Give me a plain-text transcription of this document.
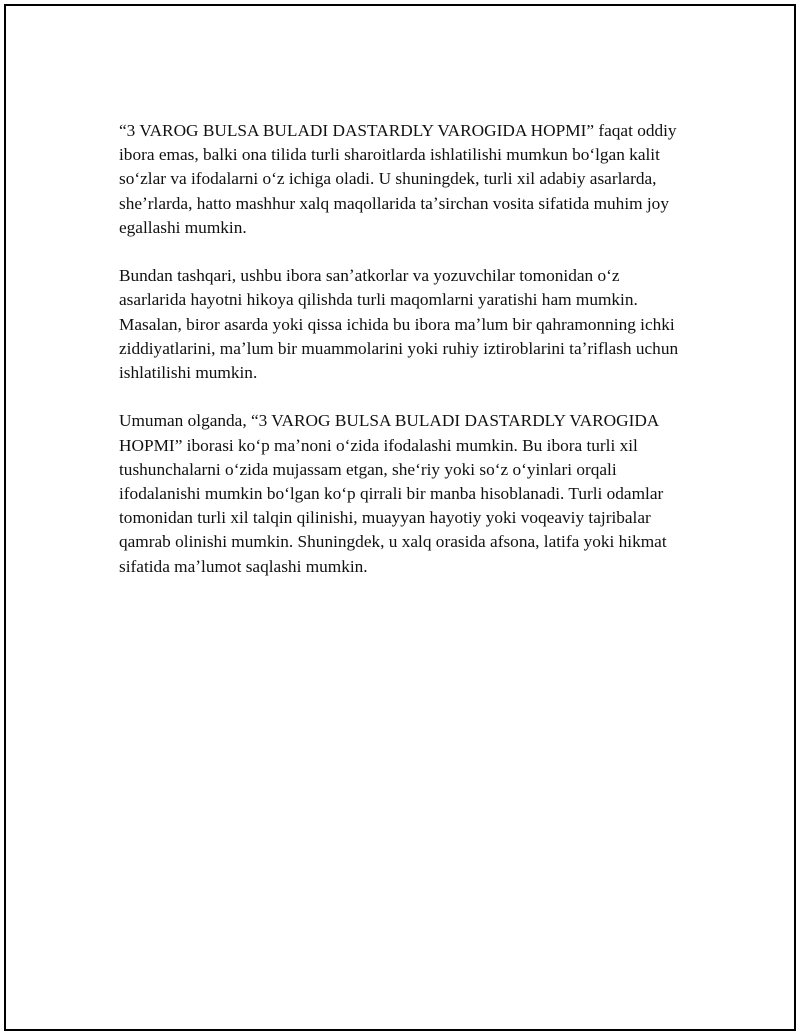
“3 VAROG BULSA BULADI DASTARDLY VAROGIDA HOPMI” faqat oddiy ibora emas, balki ona tilida turli sharoitlarda ishlatilishi mumkun boʻlgan kalit soʻzlar va ifodalarni oʻz ichiga oladi. U shuningdek, turli xil adabiy asarlarda, sheʼrlarda, hatto mashhur xalq maqollarida taʼsirchan vosita sifatida muhim joy egallashi mumkin.

Bundan tashqari, ushbu ibora sanʼatkorlar va yozuvchilar tomonidan oʻz asarlarida hayotni hikoya qilishda turli maqomlarni yaratishi ham mumkin. Masalan, biror asarda yoki qissa ichida bu ibora maʼlum bir qahramonning ichki ziddiyatlarini, maʼlum bir muammolarini yoki ruhiy iztiroblarini taʼriflash uchun ishlatilishi mumkin.

Umuman olganda, “3 VAROG BULSA BULADI DASTARDLY VAROGIDA HOPMI” iborasi koʻp maʼnoni oʻzida ifodalashi mumkin. Bu ibora turli xil tushunchalarni oʻzida mujassam etgan, sheʻriy yoki soʻz oʻyinlari orqali ifodalanishi mumkin boʻlgan koʻp qirrali bir manba hisoblanadi. Turli odamlar tomonidan turli xil talqin qilinishi, muayyan hayotiy yoki voqeaviy tajribalar qamrab olinishi mumkin. Shuningdek, u xalq orasida afsona, latifa yoki hikmat sifatida maʼlumot saqlashi mumkin.
